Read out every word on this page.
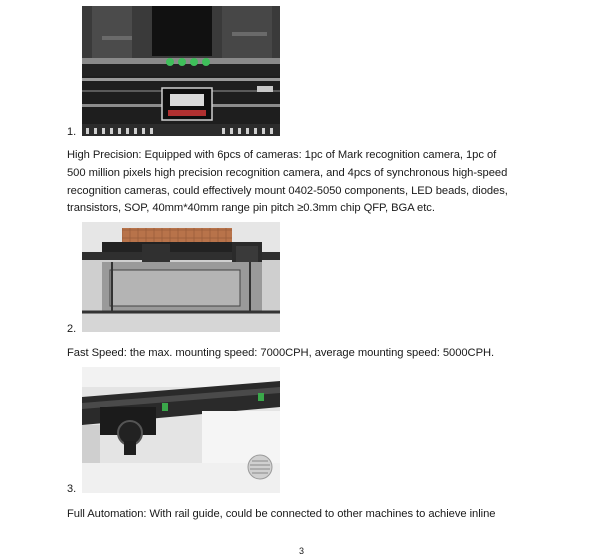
1.

High Precision: Equipped with 6pcs of cameras: 1pc of Mark recognition camera, 1pc of
500 million pixels high precision recognition camera, and 4pcs of synchronous high-speed
recognition cameras, could effectively mount 0402-5050 components, LED beads, diodes,
transistors, SOP, 40mm*40mm range pin pitch ≥0.3mm chip QFP, BGA etc.

2.

Fast Speed: the max. mounting speed: 7000CPH, average mounting speed: 5000CPH.

3.

Full Automation: With rail guide, could be connected to other machines to achieve inline

3
